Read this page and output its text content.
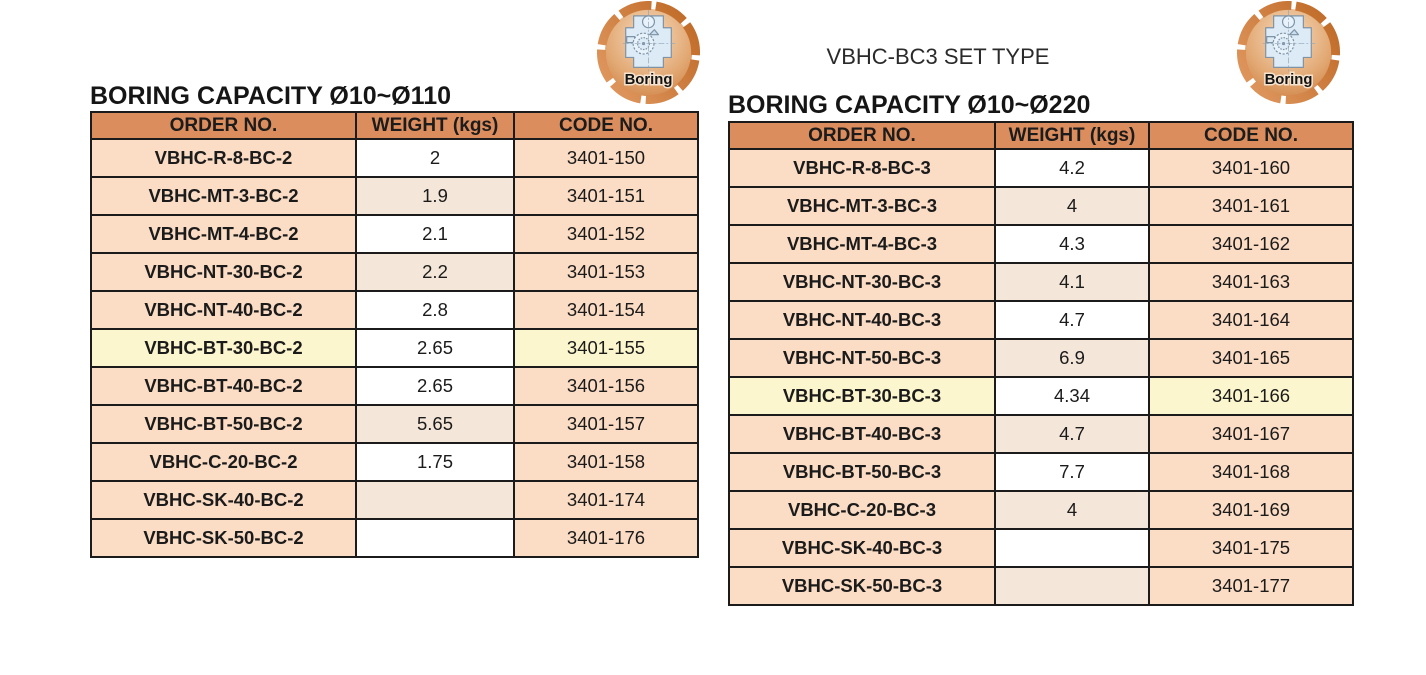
Boring	Boring
VBHC-BC3 SET TYPE
BORING CAPACITY Ø10~Ø110	BORING CAPACITY Ø10~Ø220
ORDER NO.	WEIGHT (kgs)	CODE NO.
VBHC-R-8-BC-2	2	3401-150
VBHC-MT-3-BC-2	1.9	3401-151
VBHC-MT-4-BC-2	2.1	3401-152
VBHC-NT-30-BC-2	2.2	3401-153
VBHC-NT-40-BC-2	2.8	3401-154
VBHC-BT-30-BC-2	2.65	3401-155
VBHC-BT-40-BC-2	2.65	3401-156
VBHC-BT-50-BC-2	5.65	3401-157
VBHC-C-20-BC-2	1.75	3401-158
VBHC-SK-40-BC-2		3401-174
VBHC-SK-50-BC-2		3401-176
ORDER NO.	WEIGHT (kgs)	CODE NO.
VBHC-R-8-BC-3	4.2	3401-160
VBHC-MT-3-BC-3	4	3401-161
VBHC-MT-4-BC-3	4.3	3401-162
VBHC-NT-30-BC-3	4.1	3401-163
VBHC-NT-40-BC-3	4.7	3401-164
VBHC-NT-50-BC-3	6.9	3401-165
VBHC-BT-30-BC-3	4.34	3401-166
VBHC-BT-40-BC-3	4.7	3401-167
VBHC-BT-50-BC-3	7.7	3401-168
VBHC-C-20-BC-3	4	3401-169
VBHC-SK-40-BC-3		3401-175
VBHC-SK-50-BC-3		3401-177
